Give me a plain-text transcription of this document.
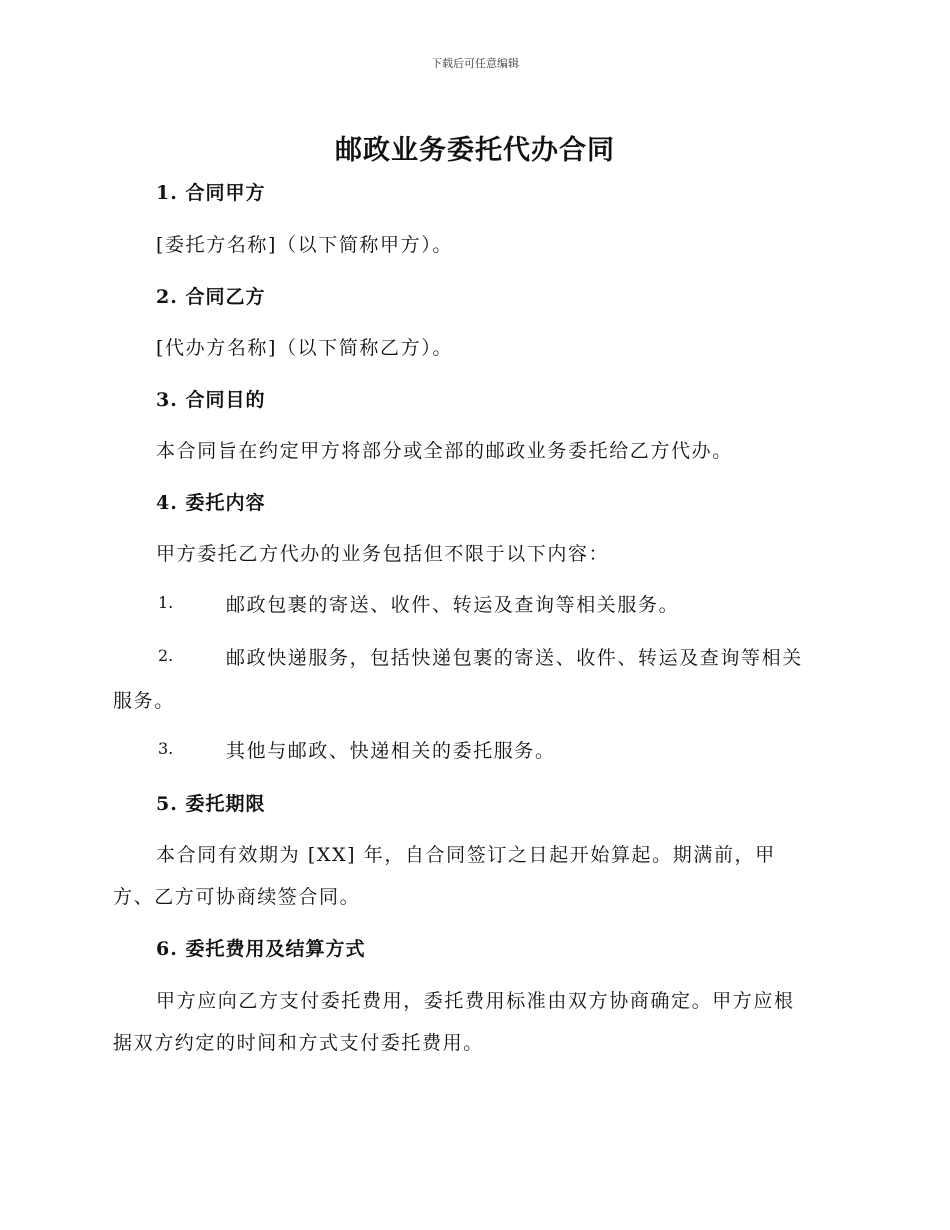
下载后可任意编辑
邮政业务委托代办合同
1. 合同甲方
[委托方名称]（以下简称甲方）。
2. 合同乙方
[代办方名称]（以下简称乙方）。
3. 合同目的
本合同旨在约定甲方将部分或全部的邮政业务委托给乙方代办。
4. 委托内容
甲方委托乙方代办的业务包括但不限于以下内容：
1.	邮政包裹的寄送、收件、转运及查询等相关服务。
2.	邮政快递服务，包括快递包裹的寄送、收件、转运及查询等相关
服务。
3.	其他与邮政、快递相关的委托服务。
5. 委托期限
本合同有效期为 [XX] 年，自合同签订之日起开始算起。期满前，甲
方、乙方可协商续签合同。
6. 委托费用及结算方式
甲方应向乙方支付委托费用，委托费用标准由双方协商确定。甲方应根
据双方约定的时间和方式支付委托费用。
